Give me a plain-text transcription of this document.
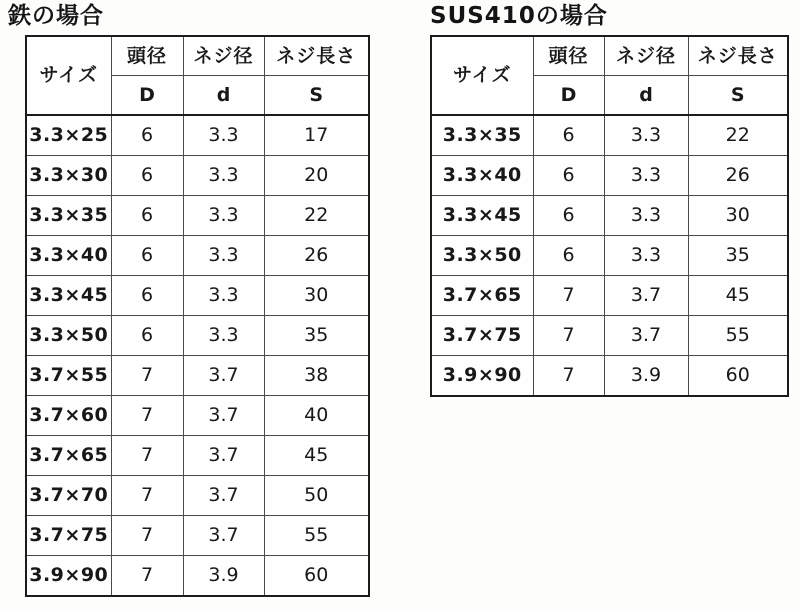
鉄の場合
サイズ	頭径	ネジ径	ネジ長さ
	D	d	S
3.3×25	6	3.3	17
3.3×30	6	3.3	20
3.3×35	6	3.3	22
3.3×40	6	3.3	26
3.3×45	6	3.3	30
3.3×50	6	3.3	35
3.7×55	7	3.7	38
3.7×60	7	3.7	40
3.7×65	7	3.7	45
3.7×70	7	3.7	50
3.7×75	7	3.7	55
3.9×90	7	3.9	60
SUS410の場合
サイズ	頭径	ネジ径	ネジ長さ
	D	d	S
3.3×35	6	3.3	22
3.3×40	6	3.3	26
3.3×45	6	3.3	30
3.3×50	6	3.3	35
3.7×65	7	3.7	45
3.7×75	7	3.7	55
3.9×90	7	3.9	60
